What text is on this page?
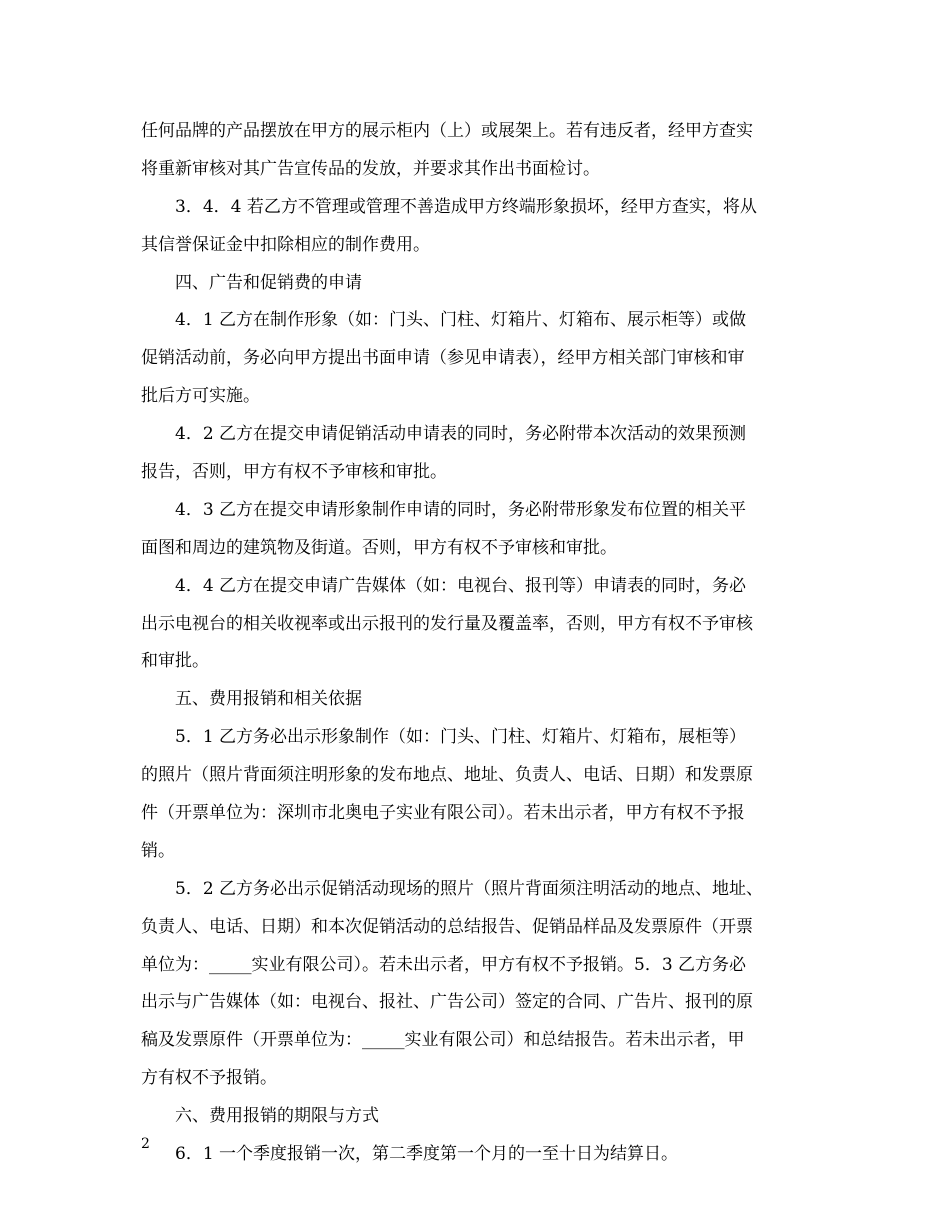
任何品牌的产品摆放在甲方的展示柜内（上）或展架上。若有违反者，经甲方查实

将重新审核对其广告宣传品的发放，并要求其作出书面检讨。

3．4．4 若乙方不管理或管理不善造成甲方终端形象损坏，经甲方查实，将从

其信誉保证金中扣除相应的制作费用。

四、广告和促销费的申请

4．1 乙方在制作形象（如：门头、门柱、灯箱片、灯箱布、展示柜等）或做

促销活动前，务必向甲方提出书面申请（参见申请表），经甲方相关部门审核和审

批后方可实施。

4．2 乙方在提交申请促销活动申请表的同时，务必附带本次活动的效果预测

报告，否则，甲方有权不予审核和审批。

4．3 乙方在提交申请形象制作申请的同时，务必附带形象发布位置的相关平

面图和周边的建筑物及街道。否则，甲方有权不予审核和审批。

4．4 乙方在提交申请广告媒体（如：电视台、报刊等）申请表的同时，务必

出示电视台的相关收视率或出示报刊的发行量及覆盖率，否则，甲方有权不予审核

和审批。

五、费用报销和相关依据

5．1 乙方务必出示形象制作（如：门头、门柱、灯箱片、灯箱布，展柜等）

的照片（照片背面须注明形象的发布地点、地址、负责人、电话、日期）和发票原

件（开票单位为：深圳市北奥电子实业有限公司）。若未出示者，甲方有权不予报

销。

5．2 乙方务必出示促销活动现场的照片（照片背面须注明活动的地点、地址、

负责人、电话、日期）和本次促销活动的总结报告、促销品样品及发票原件（开票

单位为：_____实业有限公司）。若未出示者，甲方有权不予报销。5．3 乙方务必

出示与广告媒体（如：电视台、报社、广告公司）签定的合同、广告片、报刊的原

稿及发票原件（开票单位为：_____实业有限公司）和总结报告。若未出示者，甲

方有权不予报销。

六、费用报销的期限与方式

6．1 一个季度报销一次，第二季度第一个月的一至十日为结算日。

2
